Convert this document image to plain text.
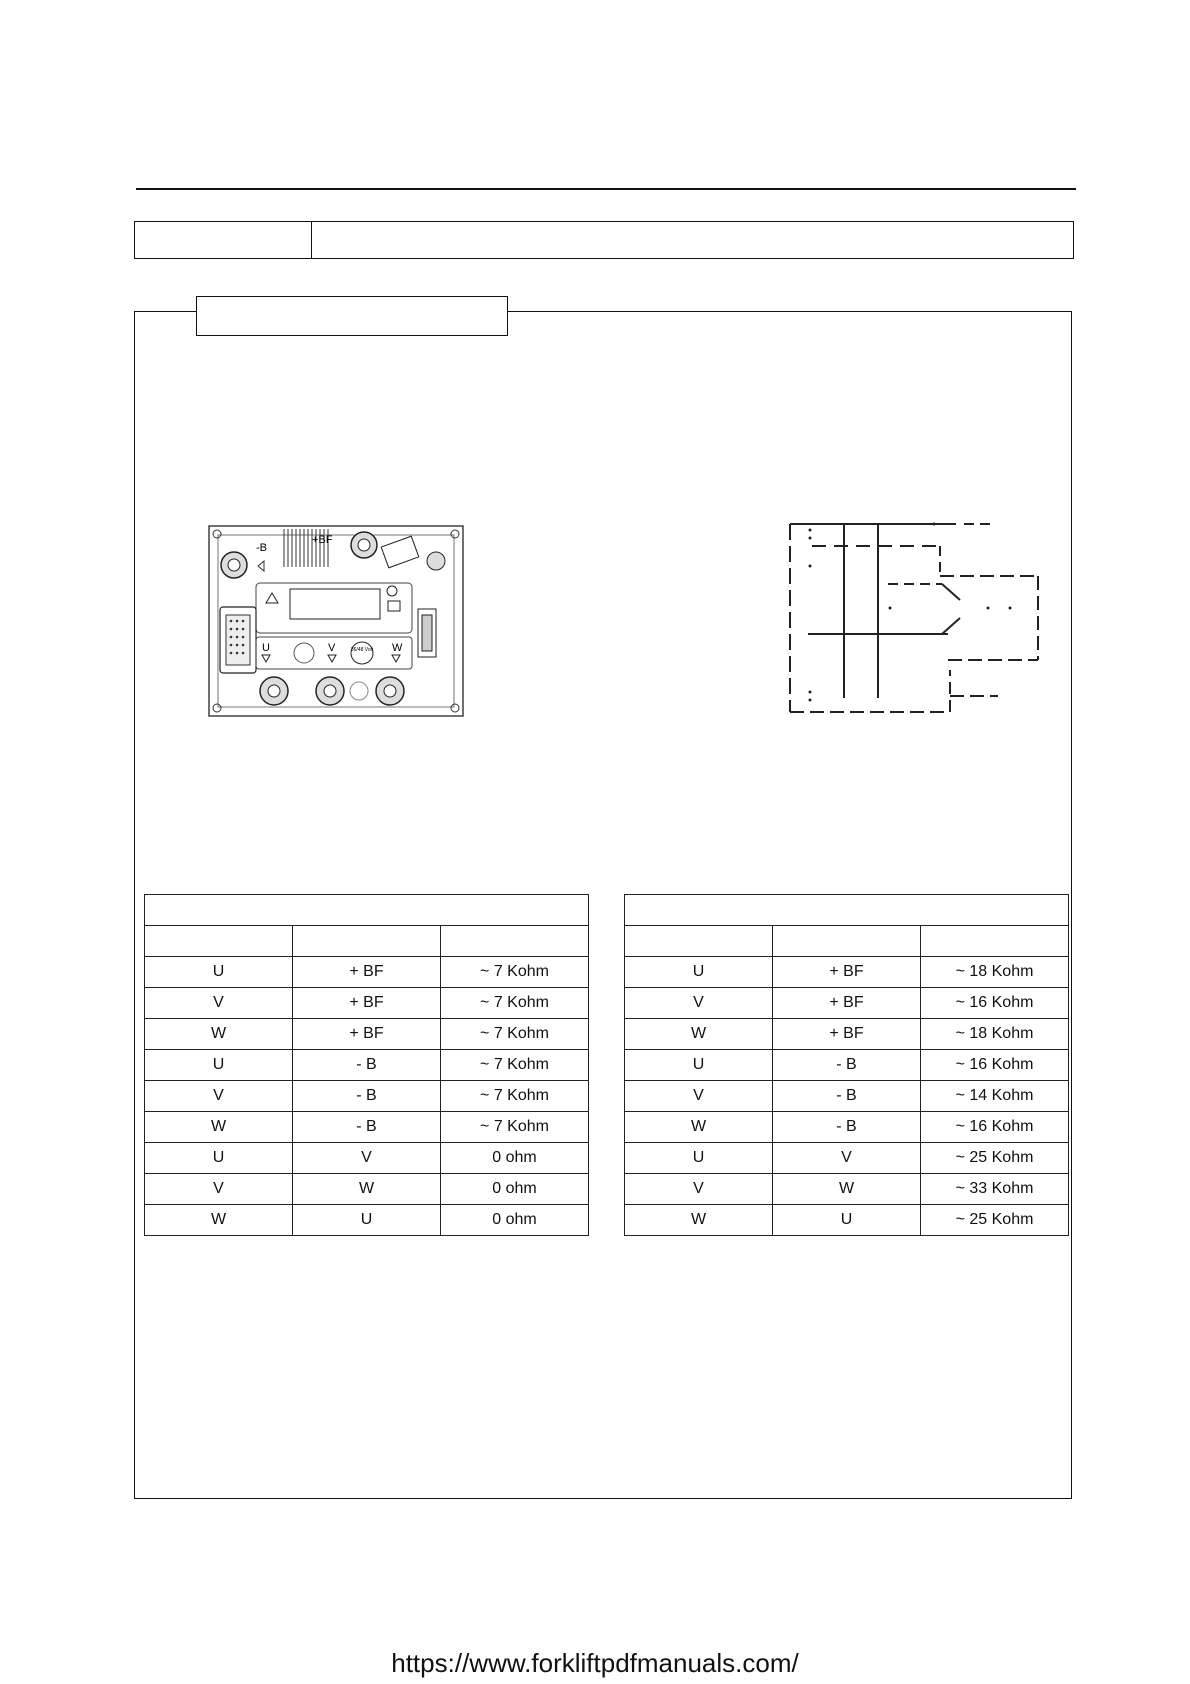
-B
+BF
U	V	36/48 Volt W

U	+ BF	~ 7 Kohm
V	+ BF	~ 7 Kohm
W	+ BF	~ 7 Kohm
U	- B	~ 7 Kohm
V	- B	~ 7 Kohm
W	- B	~ 7 Kohm
U	V	0 ohm
V	W	0 ohm
W	U	0 ohm

U	+ BF	~ 18 Kohm
V	+ BF	~ 16 Kohm
W	+ BF	~ 18 Kohm
U	- B	~ 16 Kohm
V	- B	~ 14 Kohm
W	- B	~ 16 Kohm
U	V	~ 25 Kohm
V	W	~ 33 Kohm
W	U	~ 25 Kohm
https://www.forkliftpdfmanuals.com/
